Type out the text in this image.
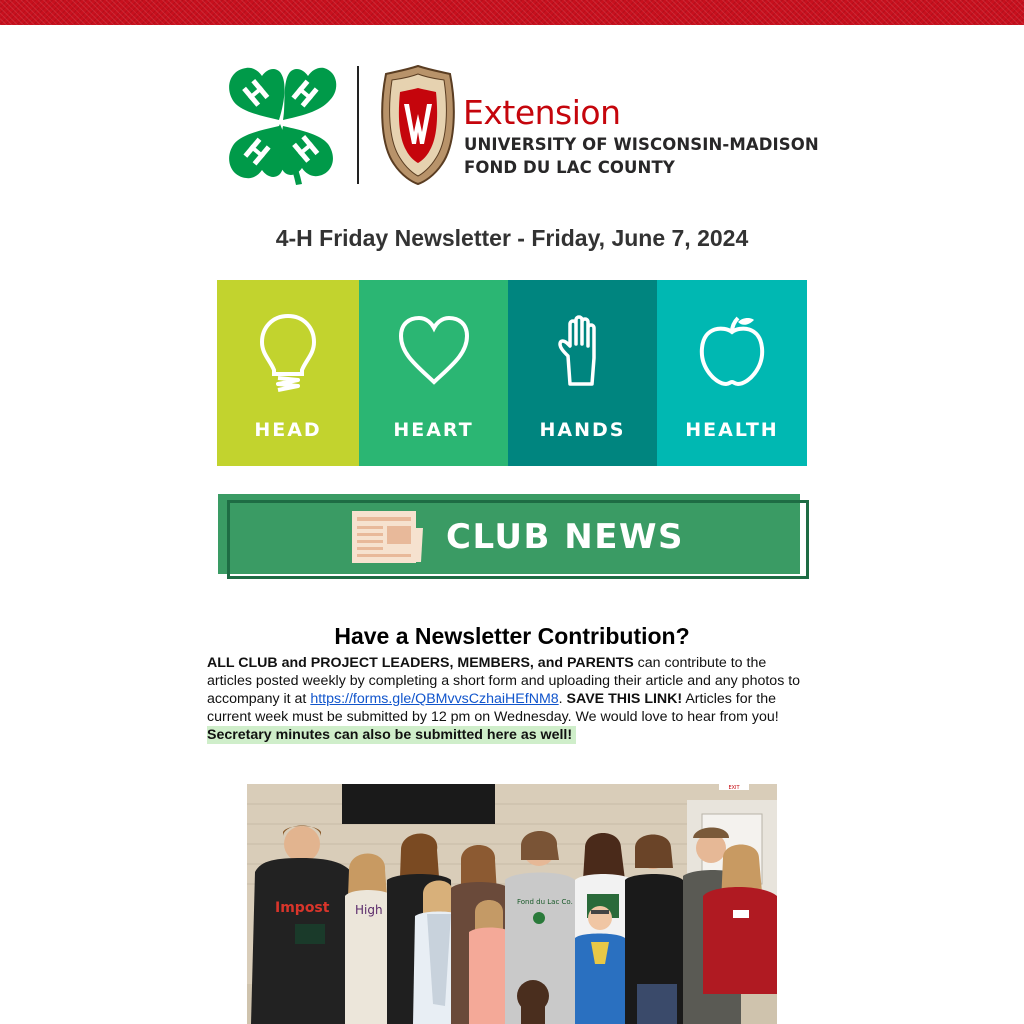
Extension
UNIVERSITY OF WISCONSIN-MADISON
FOND DU LAC COUNTY
4-H Friday Newsletter - Friday, June 7, 2024
HEAD	HEART	HANDS	HEALTH
CLUB NEWS
Have a Newsletter Contribution?
ALL CLUB and PROJECT LEADERS, MEMBERS, and PARENTS can contribute to the articles posted weekly by completing a short form and uploading their article and any photos to accompany it at https://forms.gle/QBMvvsCzhaiHEfNM8. SAVE THIS LINK! Articles for the current week must be submitted by 12 pm on Wednesday. We would love to hear from you!
Secretary minutes can also be submitted here as well!
EXIT
Impost High
Fond du Lac Co.
